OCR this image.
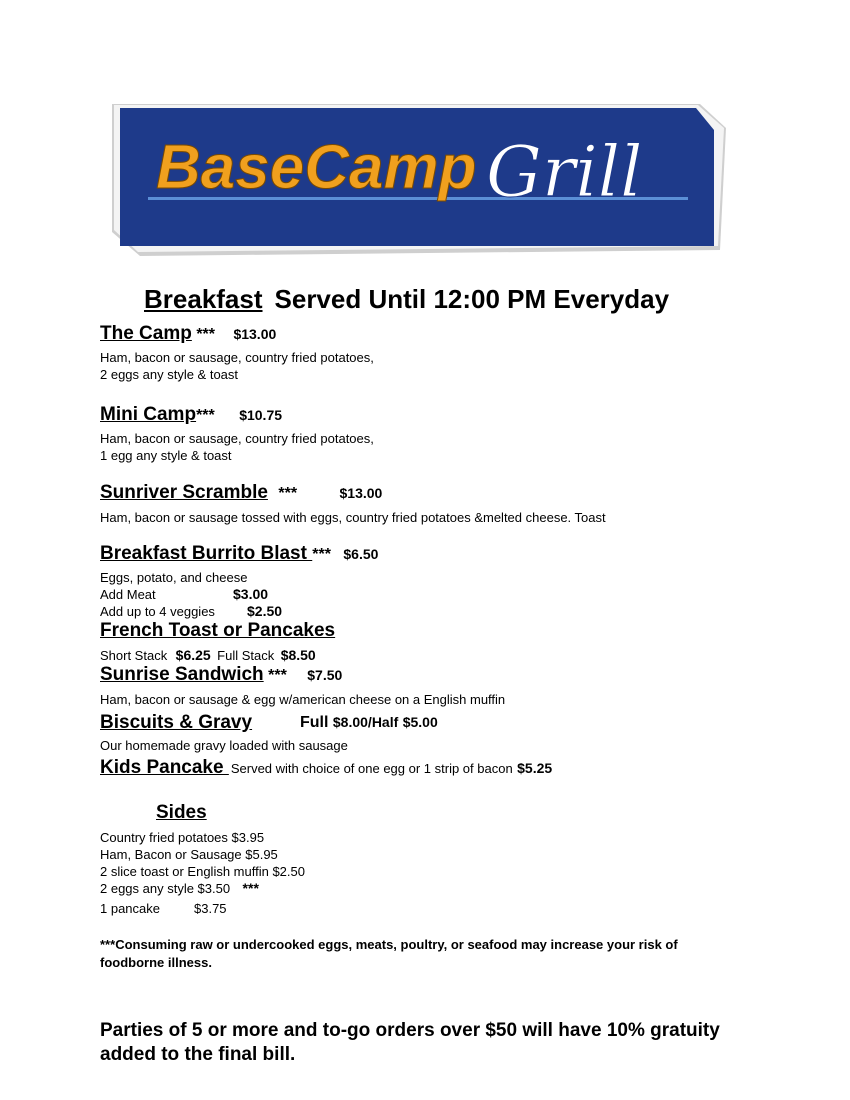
BaseCamp Grill
Breakfast Served Until 12:00 PM Everyday
The Camp *** $13.00
Ham, bacon or sausage, country fried potatoes,
2 eggs any style & toast
Mini Camp*** $10.75
Ham, bacon or sausage, country fried potatoes,
1 egg any style & toast
Sunriver Scramble ***	$13.00
Ham, bacon or sausage tossed with eggs, country fried potatoes &melted cheese. Toast
Breakfast Burrito Blast *** $6.50
Eggs, potato, and cheese
Add Meat	$3.00
Add up to 4 veggies $2.50
French Toast or Pancakes
Short Stack $6.25 Full Stack $8.50
Sunrise Sandwich *** $7.50
Ham, bacon or sausage & egg w/american cheese on a English muffin
Biscuits & Gravy	Full $8.00/Half $5.00
Our homemade gravy loaded with sausage
Kids Pancake Served with choice of one egg or 1 strip of bacon $5.25
Sides
Country fried potatoes $3.95
Ham, Bacon or Sausage $5.95
2 slice toast or English muffin $2.50
2 eggs any style $3.50 ***
1 pancake	$3.75
***Consuming raw or undercooked eggs, meats, poultry, or seafood may increase your risk of foodborne illness.
Parties of 5 or more and to-go orders over $50 will have 10% gratuity added to the final bill.
